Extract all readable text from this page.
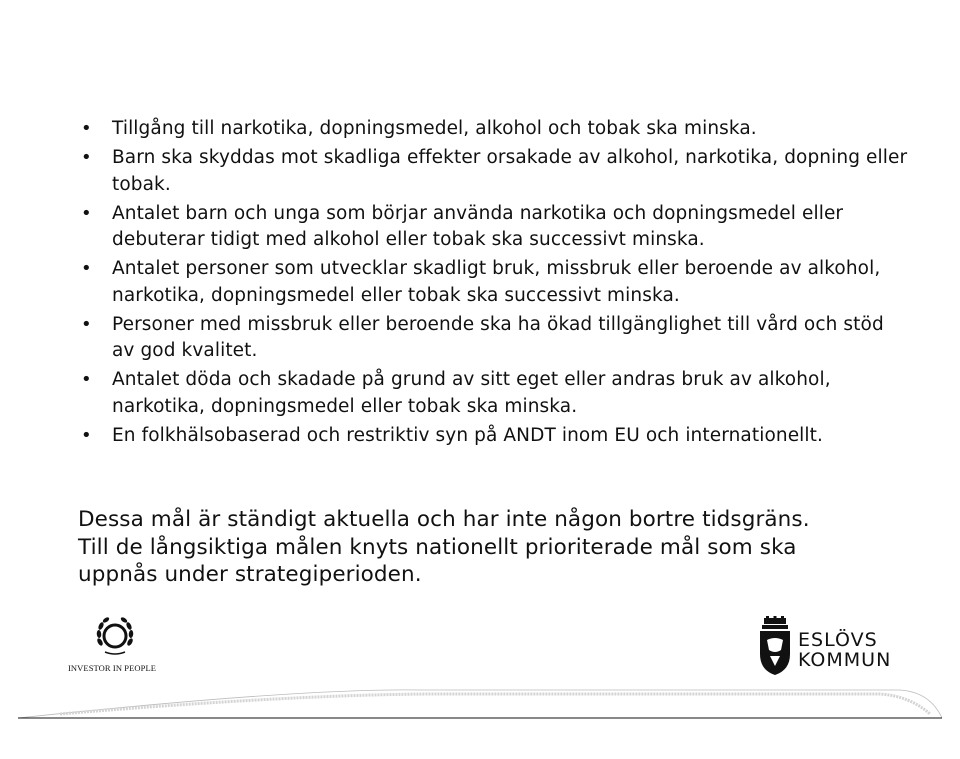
• Tillgång till narkotika, dopningsmedel, alkohol och tobak ska minska.
• Barn ska skyddas mot skadliga effekter orsakade av alkohol, narkotika, dopning eller tobak.
• Antalet barn och unga som börjar använda narkotika och dopningsmedel eller debuterar tidigt med alkohol eller tobak ska successivt minska.
• Antalet personer som utvecklar skadligt bruk, missbruk eller beroende av alkohol, narkotika, dopningsmedel eller tobak ska successivt minska.
• Personer med missbruk eller beroende ska ha ökad tillgänglighet till vård och stöd av god kvalitet.
• Antalet döda och skadade på grund av sitt eget eller andras bruk av alkohol, narkotika, dopningsmedel eller tobak ska minska.
• En folkhälsobaserad och restriktiv syn på ANDT inom EU och internationellt.

Dessa mål är ständigt aktuella och har inte någon bortre tidsgräns.

Till de långsiktiga målen knyts nationellt prioriterade mål som ska

uppnås under strategiperioden.

INVESTOR IN PEOPLE
ESLÖVS
KOMMUN
